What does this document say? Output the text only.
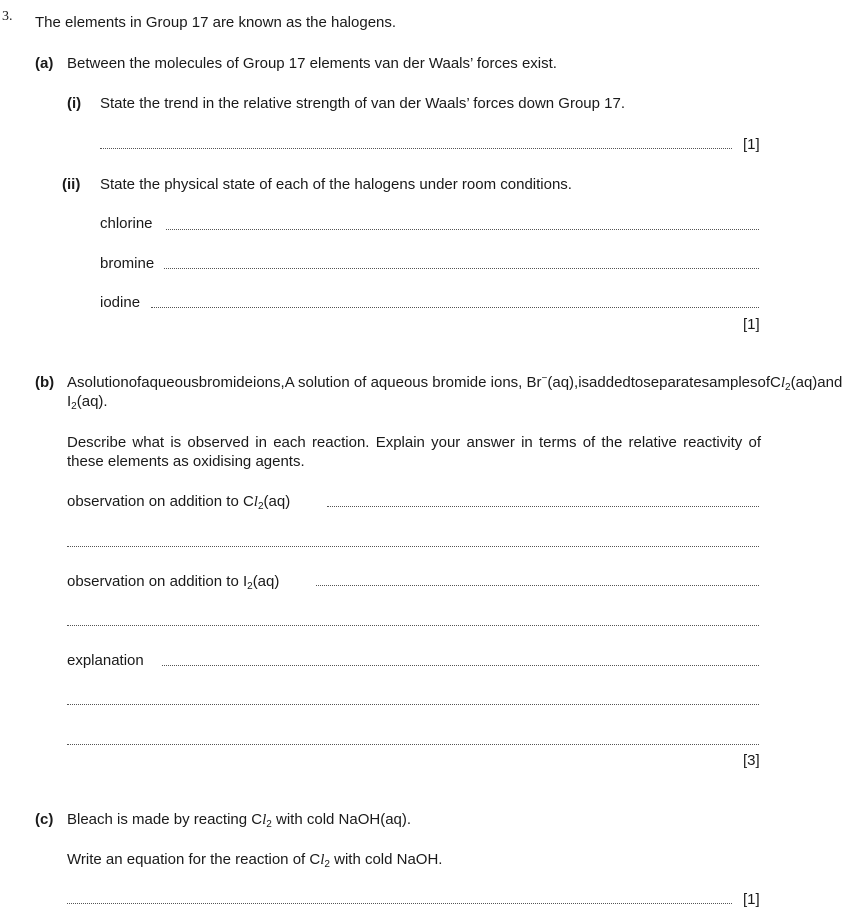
3. The elements in Group 17 are known as the halogens.
(a) Between the molecules of Group 17 elements van der Waals’ forces exist.
(i) State the trend in the relative strength of van der Waals’ forces down Group 17.
[1]
(ii) State the physical state of each of the halogens under room conditions.
chlorine
bromine
iodine
[1]
(b) A solution of aqueous bromide ions, A solution of aqueous bromide ions, Br−(aq), is added to separate samples of $Cl_2(aq)$ and
$I_2(aq)$.
Describe what is observed in each reaction. Explain your answer in terms of the relative reactivity of these elements as oxidising agents.
observation on addition to $Cl_2(aq)$
observation on addition to $I_2(aq)$
explanation
[3]
(c) Bleach is made by reacting $Cl_2$ with cold NaOH(aq).
Write an equation for the reaction of $Cl_2$ with cold NaOH.
[1]
